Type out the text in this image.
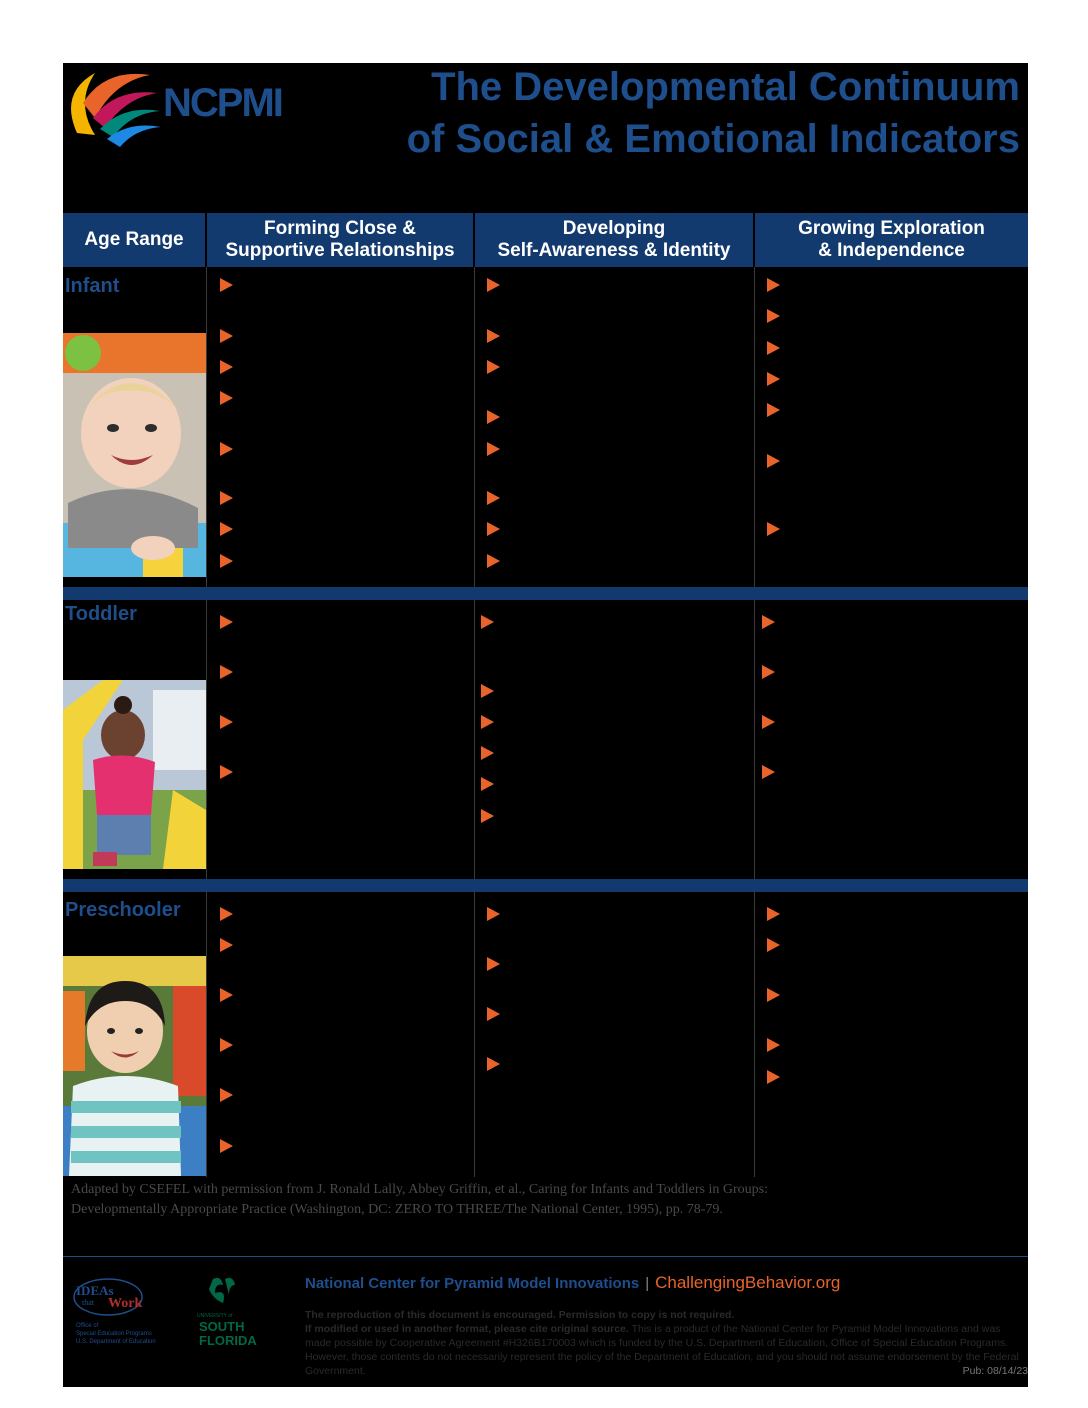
NCPMI	The Developmental Continuum
of Social & Emotional Indicators
Age Range
Forming Close &
Supportive Relationships
Developing
Self-Awareness & Identity
Growing Exploration
& Independence
Infant
Toddler
Preschooler
Adapted by CSEFEL with permission from J. Ronald Lally, Abbey Griffin, et al., Caring for Infants and Toddlers in Groups:
Developmentally Appropriate Practice (Washington, DC: ZERO TO THREE/The National Center, 1995), pp. 78-79.
IDEAs
that Work
Office of
Special Education Programs
U.S. Department of Education
UNIVERSITY of
SOUTH
FLORIDA
National Center for Pyramid Model Innovations | ChallengingBehavior.org
The reproduction of this document is encouraged. Permission to copy is not required.
If modified or used in another format, please cite original source. This is a product of the National Center for Pyramid Model Innovations and was made possible by Cooperative Agreement #H326B170003 which is funded by the U.S. Department of Education, Office of Special Education Programs. However, those contents do not necessarily represent the policy of the Department of Education, and you should not assume endorsement by the Federal Government.	Pub: 08/14/23
